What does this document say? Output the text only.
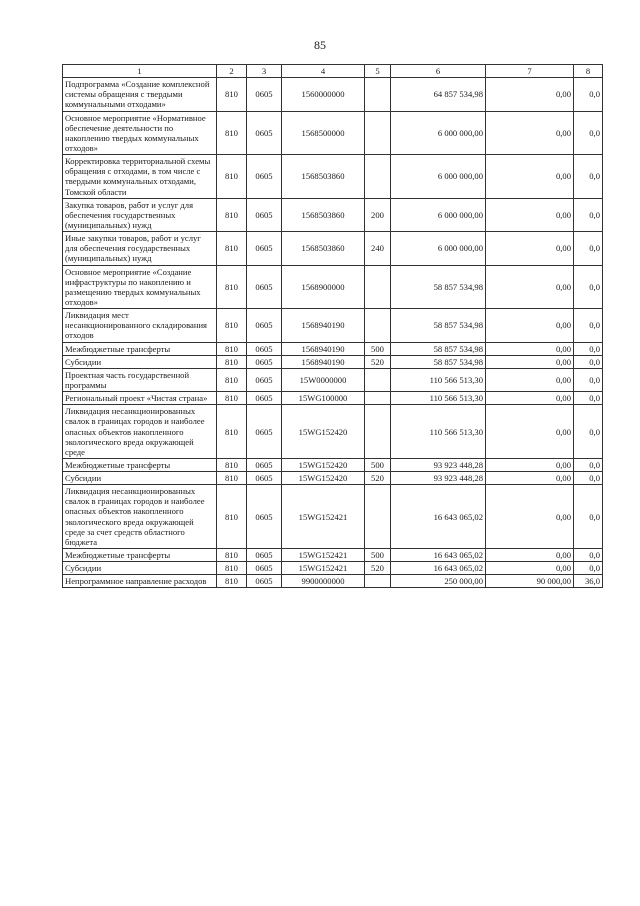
85
1	2	3	4	5	6	7	8
Подпрограмма «Создание комплексной системы обращения с твердыми коммунальными отходами»	810	0605	1560000000		64 857 534,98	0,00	0,0
Основное мероприятие «Нормативное обеспечение деятельности по накоплению твердых коммунальных отходов»	810	0605	1568500000		6 000 000,00	0,00	0,0
Корректировка территориальной схемы обращения с отходами, в том числе с твердыми коммунальных отходами, Томской области	810	0605	1568503860		6 000 000,00	0,00	0,0
Закупка товаров, работ и услуг для обеспечения государственных (муниципальных) нужд	810	0605	1568503860	200	6 000 000,00	0,00	0,0
Иные закупки товаров, работ и услуг для обеспечения государственных (муниципальных) нужд	810	0605	1568503860	240	6 000 000,00	0,00	0,0
Основное мероприятие «Создание инфраструктуры по накоплению и размещению твердых коммунальных отходов»	810	0605	1568900000		58 857 534,98	0,00	0,0
Ликвидация мест несанкционированного складирования отходов	810	0605	1568940190		58 857 534,98	0,00	0,0
Межбюджетные трансферты	810	0605	1568940190	500	58 857 534,98	0,00	0,0
Субсидии	810	0605	1568940190	520	58 857 534,98	0,00	0,0
Проектная часть государственной программы	810	0605	15W0000000		110 566 513,30	0,00	0,0
Региональный проект «Чистая страна»	810	0605	15WG100000		110 566 513,30	0,00	0,0
Ликвидация несанкционированных свалок в границах городов и наиболее опасных объектов накопленного экологического вреда окружающей среде	810	0605	15WG152420		110 566 513,30	0,00	0,0
Межбюджетные трансферты	810	0605	15WG152420	500	93 923 448,28	0,00	0,0
Субсидии	810	0605	15WG152420	520	93 923 448,28	0,00	0,0
Ликвидация несанкционированных свалок в границах городов и наиболее опасных объектов накопленного экологического вреда окружающей среде за счет средств областного бюджета	810	0605	15WG152421		16 643 065,02	0,00	0,0
Межбюджетные трансферты	810	0605	15WG152421	500	16 643 065,02	0,00	0,0
Субсидии	810	0605	15WG152421	520	16 643 065,02	0,00	0,0
Непрограммное направление расходов	810	0605	9900000000		250 000,00	90 000,00	36,0
